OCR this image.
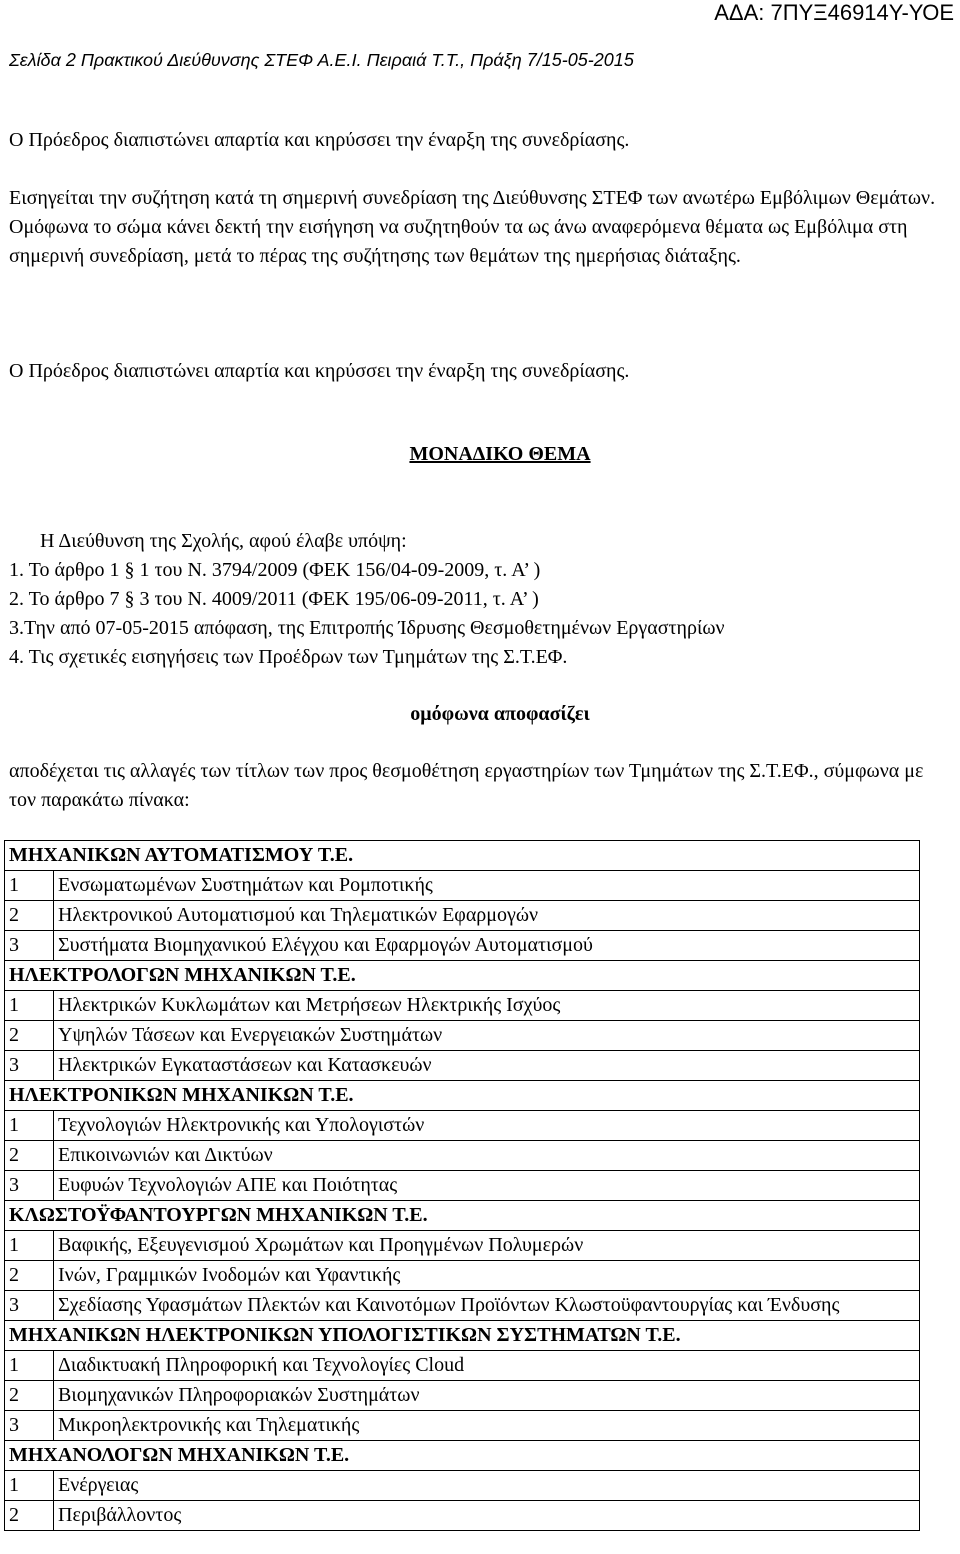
ΑΔΑ: 7ΠΥΞ46914Υ-ΥΟΕ
Σελίδα 2 Πρακτικού Διεύθυνσης ΣΤΕΦ Α.Ε.Ι. Πειραιά Τ.Τ., Πράξη 7/15-05-2015
Ο Πρόεδρος διαπιστώνει απαρτία και κηρύσσει την έναρξη της συνεδρίασης.
Εισηγείται την συζήτηση κατά τη σημερινή συνεδρίαση της Διεύθυνσης ΣΤΕΦ των ανωτέρω Εμβόλιμων Θεμάτων. Ομόφωνα το σώμα κάνει δεκτή την εισήγηση να συζητηθούν τα ως άνω αναφερόμενα θέματα ως Εμβόλιμα στη σημερινή συνεδρίαση, μετά το πέρας της συζήτησης των θεμάτων της ημερήσιας διάταξης.
Ο Πρόεδρος διαπιστώνει απαρτία και κηρύσσει την έναρξη της συνεδρίασης.
ΜΟΝΑΔΙΚΟ ΘΕΜΑ
Η Διεύθυνση της Σχολής, αφού έλαβε υπόψη:
1. Το άρθρο 1 § 1 του Ν. 3794/2009 (ΦΕΚ 156/04-09-2009, τ. Α’ )
2. Το άρθρο 7 § 3 του Ν. 4009/2011 (ΦΕΚ 195/06-09-2011, τ. Α’ )
3.Την από 07-05-2015 απόφαση, της Επιτροπής Ίδρυσης Θεσμοθετημένων Εργαστηρίων
4. Τις σχετικές εισηγήσεις των Προέδρων των Τμημάτων της Σ.Τ.ΕΦ.
ομόφωνα αποφασίζει
αποδέχεται τις αλλαγές των τίτλων των προς θεσμοθέτηση εργαστηρίων των Τμημάτων της Σ.Τ.ΕΦ., σύμφωνα με τον παρακάτω πίνακα:
ΜΗΧΑΝΙΚΩΝ ΑΥΤΟΜΑΤΙΣΜΟΥ Τ.Ε.	
1	Ενσωματωμένων Συστημάτων και Ρομποτικής
2	Ηλεκτρονικού Αυτοματισμού και Τηλεματικών Εφαρμογών
3	Συστήματα Βιομηχανικού Ελέγχου και Εφαρμογών Αυτοματισμού
ΗΛΕΚΤΡΟΛΟΓΩΝ ΜΗΧΑΝΙΚΩΝ Τ.Ε.	
1	Ηλεκτρικών Κυκλωμάτων και Μετρήσεων Ηλεκτρικής Ισχύος
2	Υψηλών Τάσεων και Ενεργειακών Συστημάτων
3	Ηλεκτρικών Εγκαταστάσεων και Κατασκευών
ΗΛΕΚΤΡΟΝΙΚΩΝ ΜΗΧΑΝΙΚΩΝ Τ.Ε.	
1	Τεχνολογιών Ηλεκτρονικής και Υπολογιστών
2	Επικοινωνιών και Δικτύων
3	Ευφυών Τεχνολογιών ΑΠΕ και Ποιότητας
ΚΛΩΣΤΟΫΦΑΝΤΟΥΡΓΩΝ ΜΗΧΑΝΙΚΩΝ Τ.Ε.	
1	Βαφικής, Εξευγενισμού Χρωμάτων και Προηγμένων Πολυμερών
2	Ινών, Γραμμικών Ινοδομών και Υφαντικής
3	Σχεδίασης Υφασμάτων Πλεκτών και Καινοτόμων Προϊόντων Κλωστοϋφαντουργίας και Ένδυσης
ΜΗΧΑΝΙΚΩΝ ΗΛΕΚΤΡΟΝΙΚΩΝ ΥΠΟΛΟΓΙΣΤΙΚΩΝ ΣΥΣΤΗΜΑΤΩΝ Τ.Ε.	
1	Διαδικτυακή Πληροφορική και Τεχνολογίες Cloud
2	Βιομηχανικών Πληροφοριακών Συστημάτων
3	Μικροηλεκτρονικής και Τηλεματικής
ΜΗΧΑΝΟΛΟΓΩΝ ΜΗΧΑΝΙΚΩΝ Τ.Ε.	
1	Ενέργειας
2	Περιβάλλοντος
